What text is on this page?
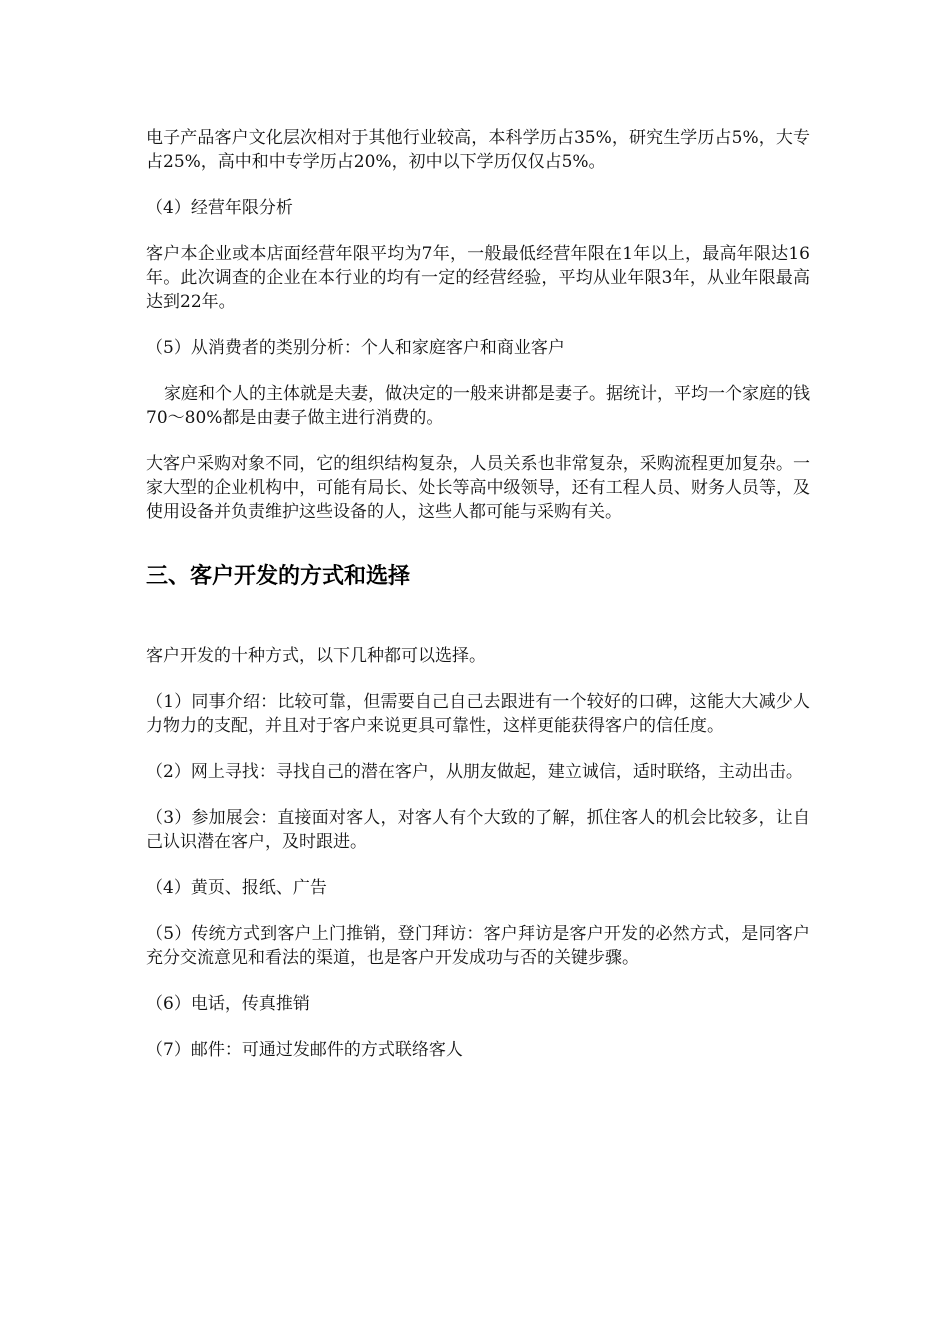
电子产品客户文化层次相对于其他行业较高，本科学历占35%，研究生学历占5%，大专占25%，高中和中专学历占20%，初中以下学历仅仅占5%。

（4）经营年限分析

客户本企业或本店面经营年限平均为7年，一般最低经营年限在1年以上，最高年限达16年。此次调查的企业在本行业的均有一定的经营经验，平均从业年限3年，从业年限最高达到22年。

（5）从消费者的类别分析：个人和家庭客户和商业客户

家庭和个人的主体就是夫妻，做决定的一般来讲都是妻子。据统计，平均一个家庭的钱70～80%都是由妻子做主进行消费的。

大客户采购对象不同，它的组织结构复杂，人员关系也非常复杂，采购流程更加复杂。一家大型的企业机构中，可能有局长、处长等高中级领导，还有工程人员、财务人员等，及使用设备并负责维护这些设备的人，这些人都可能与采购有关。

三、客户开发的方式和选择

客户开发的十种方式，以下几种都可以选择。

（1）同事介绍：比较可靠，但需要自己自己去跟进有一个较好的口碑，这能大大减少人力物力的支配，并且对于客户来说更具可靠性，这样更能获得客户的信任度。

（2）网上寻找：寻找自己的潜在客户，从朋友做起，建立诚信，适时联络，主动出击。

（3）参加展会：直接面对客人，对客人有个大致的了解，抓住客人的机会比较多，让自己认识潜在客户，及时跟进。

（4）黄页、报纸、广告

（5）传统方式到客户上门推销，登门拜访：客户拜访是客户开发的必然方式，是同客户充分交流意见和看法的渠道，也是客户开发成功与否的关键步骤。

（6）电话，传真推销

（7）邮件：可通过发邮件的方式联络客人
